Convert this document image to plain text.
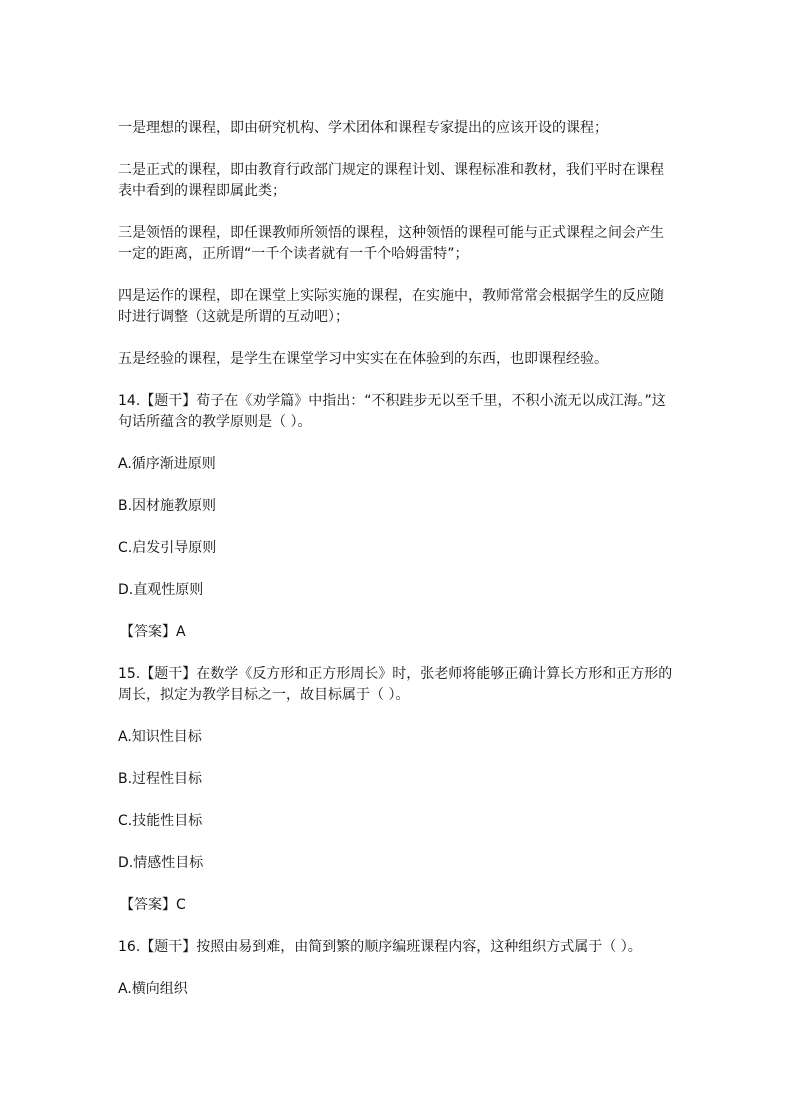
一是理想的课程，即由研究机构、学术团体和课程专家提出的应该开设的课程；

二是正式的课程，即由教育行政部门规定的课程计划、课程标准和教材，我们平时在课程表中看到的课程即属此类；

三是领悟的课程，即任课教师所领悟的课程，这种领悟的课程可能与正式课程之间会产生一定的距离，正所谓“一千个读者就有一千个哈姆雷特”；

四是运作的课程，即在课堂上实际实施的课程，在实施中，教师常常会根据学生的反应随时进行调整（这就是所谓的互动吧）；

五是经验的课程，是学生在课堂学习中实实在在体验到的东西，也即课程经验。

14.【题干】荀子在《劝学篇》中指出：“不积跬步无以至千里，不积小流无以成江海。”这句话所蕴含的教学原则是（ ）。

A.循序渐进原则

B.因材施教原则

C.启发引导原则

D.直观性原则

【答案】A

15.【题干】在数学《反方形和正方形周长》时，张老师将能够正确计算长方形和正方形的周长，拟定为教学目标之一，故目标属于（ ）。

A.知识性目标

B.过程性目标

C.技能性目标

D.情感性目标

【答案】C

16.【题干】按照由易到难，由简到繁的顺序编班课程内容，这种组织方式属于（ ）。

A.横向组织
